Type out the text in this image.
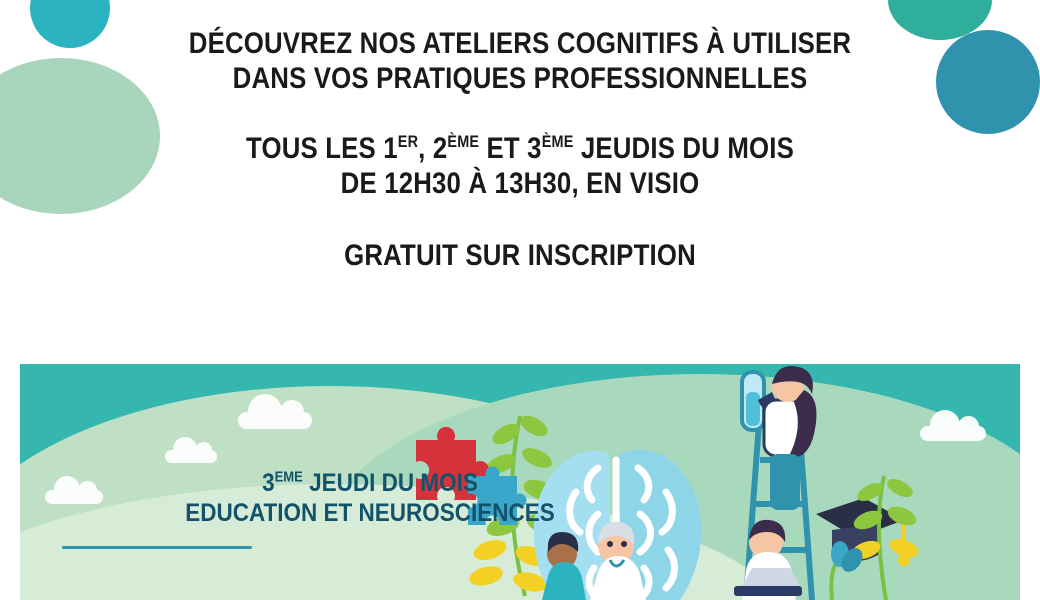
DÉCOUVREZ NOS ATELIERS COGNITIFS À UTILISER
DANS VOS PRATIQUES PROFESSIONNELLES
TOUS LES 1ER, 2ÈME ET 3ÈME JEUDIS DU MOIS
DE 12H30 À 13H30, EN VISIO
GRATUIT SUR INSCRIPTION
3EME JEUDI DU MOIS
EDUCATION ET NEUROSCIENCES
